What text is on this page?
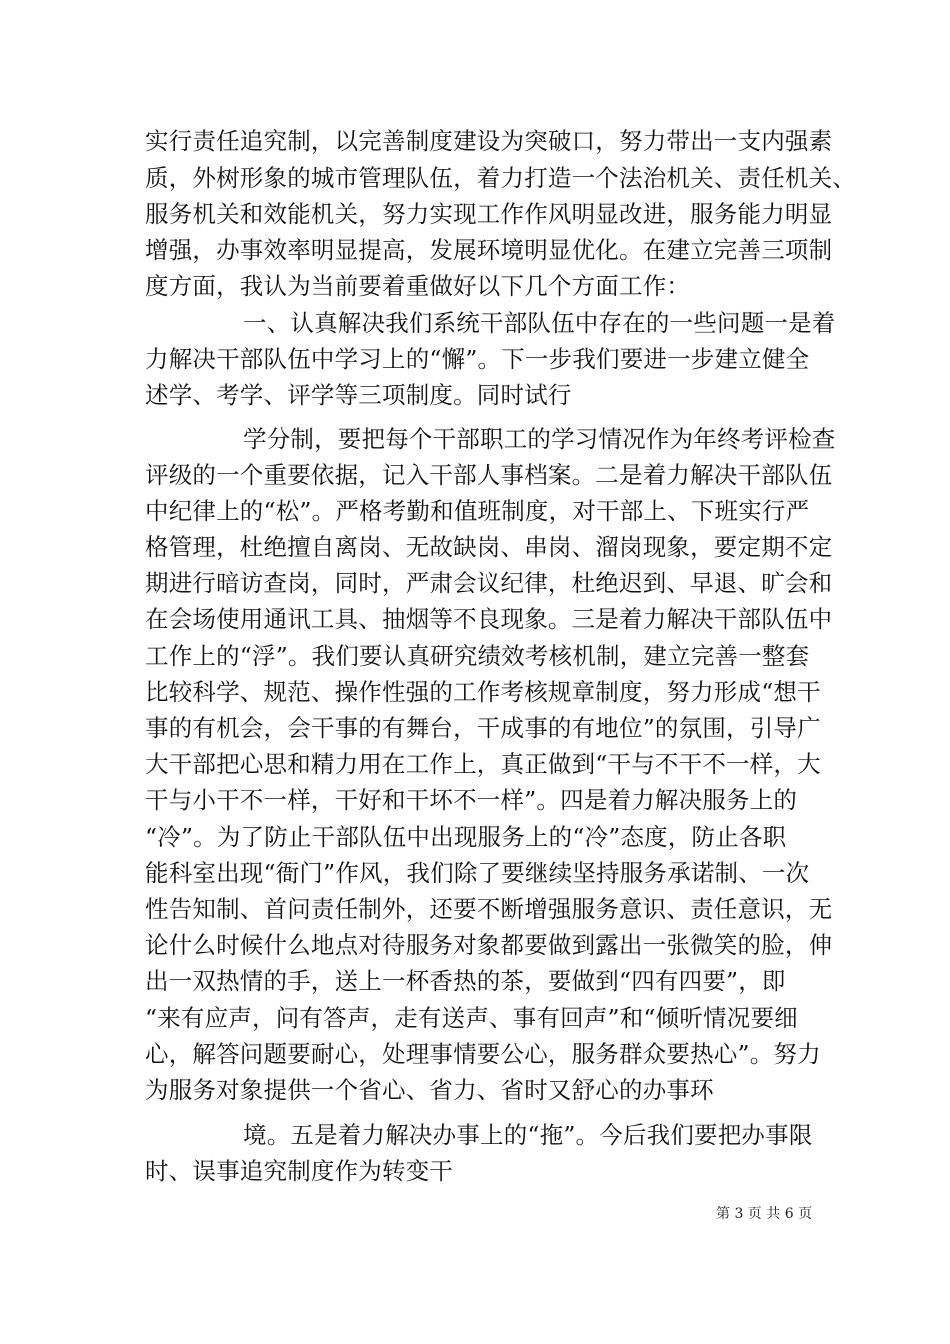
实行责任追究制，以完善制度建设为突破口，努力带出一支内强素
质，外树形象的城市管理队伍，着力打造一个法治机关、责任机关、
服务机关和效能机关，努力实现工作作风明显改进，服务能力明显
增强，办事效率明显提高，发展环境明显优化。在建立完善三项制
度方面，我认为当前要着重做好以下几个方面工作：
一、认真解决我们系统干部队伍中存在的一些问题一是着
力解决干部队伍中学习上的“懈”。下一步我们要进一步建立健全
述学、考学、评学等三项制度。同时试行
学分制，要把每个干部职工的学习情况作为年终考评检查
评级的一个重要依据，记入干部人事档案。二是着力解决干部队伍
中纪律上的“松”。严格考勤和值班制度，对干部上、下班实行严
格管理，杜绝擅自离岗、无故缺岗、串岗、溜岗现象，要定期不定
期进行暗访查岗，同时，严肃会议纪律，杜绝迟到、早退、旷会和
在会场使用通讯工具、抽烟等不良现象。三是着力解决干部队伍中
工作上的“浮”。我们要认真研究绩效考核机制，建立完善一整套
比较科学、规范、操作性强的工作考核规章制度，努力形成“想干
事的有机会，会干事的有舞台，干成事的有地位”的氛围，引导广
大干部把心思和精力用在工作上，真正做到“干与不干不一样，大
干与小干不一样，干好和干坏不一样”。四是着力解决服务上的
“冷”。为了防止干部队伍中出现服务上的“冷”态度，防止各职
能科室出现“衙门”作风，我们除了要继续坚持服务承诺制、一次
性告知制、首问责任制外，还要不断增强服务意识、责任意识，无
论什么时候什么地点对待服务对象都要做到露出一张微笑的脸，伸
出一双热情的手，送上一杯香热的茶，要做到“四有四要”，即
“来有应声，问有答声，走有送声、事有回声”和“倾听情况要细
心，解答问题要耐心，处理事情要公心，服务群众要热心”。努力
为服务对象提供一个省心、省力、省时又舒心的办事环
境。五是着力解决办事上的“拖”。今后我们要把办事限
时、误事追究制度作为转变干
第 3 页 共 6 页
